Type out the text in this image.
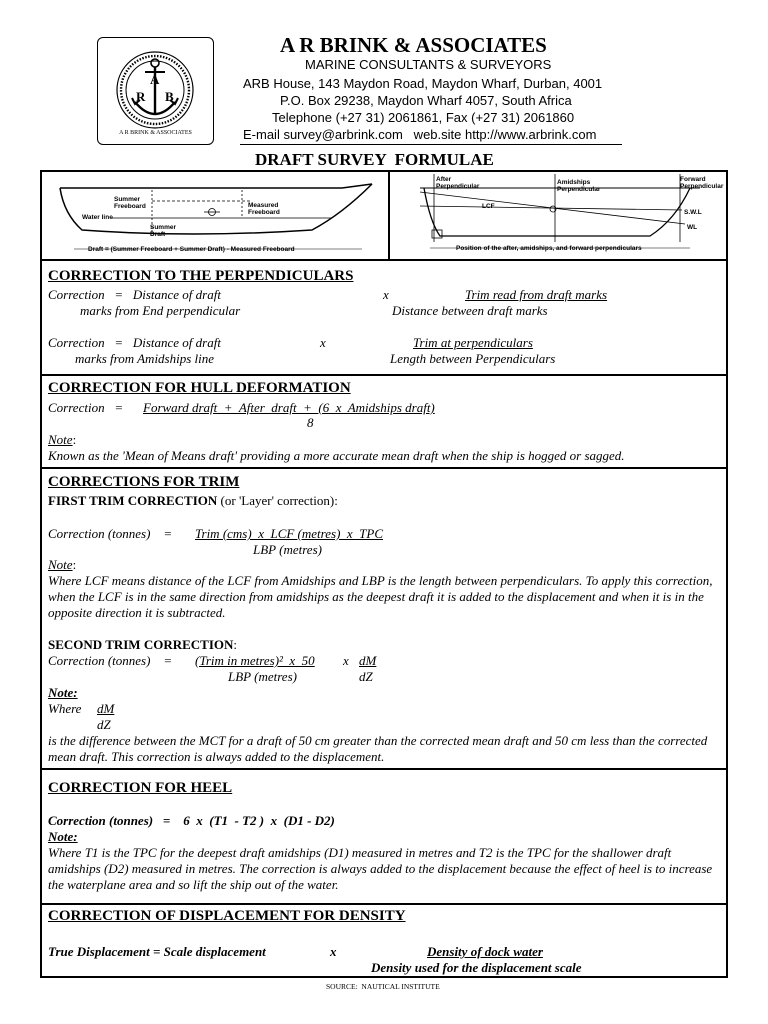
A
R B
A R BRINK & ASSOCIATES
A R BRINK & ASSOCIATES
MARINE CONSULTANTS & SURVEYORS
ARB House, 143 Maydon Road, Maydon Wharf, Durban, 4001
P.O. Box 29238, Maydon Wharf 4057, South Africa
Telephone (+27 31) 2061861, Fax (+27 31) 2061860
E-mail survey@arbrink.com   web.site http://www.arbrink.com
DRAFT SURVEY  FORMULAE
Summer
Freeboard	Measured
Freeboard
Water line
Summer
Draft
Draft = (Summer Freeboard + Summer Draft) - Measured Freeboard
After
Perpendicular
Amidships
Perpendicular
Forward
Perpendicular
LCF
S.W.L
WL
Position of the after, amidships, and forward perpendiculars
CORRECTION TO THE PERPENDICULARS
Correction   =   Distance of draft	x	Trim read from draft marks
marks from End perpendicular	Distance between draft marks
Correction   =   Distance of draft	x	Trim at perpendiculars
marks from Amidships line	Length between Perpendiculars
CORRECTION FOR HULL DEFORMATION
Correction   = Forward draft  +  After  draft  +  (6  x  Amidships draft)
8
Note:
Known as the 'Mean of Means draft' providing a more accurate mean draft when the ship is hogged or sagged.
CORRECTIONS FOR TRIM
FIRST TRIM CORRECTION (or 'Layer' correction):
Correction (tonnes)    = Trim (cms)  x  LCF (metres)  x  TPC
LBP (metres)
Note:
Where LCF means distance of the LCF from Amidships and LBP is the length between perpendiculars. To apply this correction, when the LCF is in the same direction from amidships as the deepest draft it is added to the displacement and when it is in the opposite direction it is subtracted.
SECOND TRIM CORRECTION:
Correction (tonnes)    = (Trim in metres)²  x  50 x dM
LBP (metres)	dZ
Note:
Where dM
dZ
is the difference between the MCT for a draft of 50 cm greater than the corrected mean draft and 50 cm less than the corrected mean draft. This correction is always added to the displacement.
CORRECTION FOR HEEL
Correction (tonnes)   =    6  x  (T1  - T2 )  x  (D1 - D2)
Note:
Where T1 is the TPC for the deepest draft amidships (D1) measured in metres and T2 is the TPC for the shallower draft amidships (D2) measured in metres. The correction is always added to the displacement because the effect of heel is to increase the waterplane area and so lift the ship out of the water.
CORRECTION OF DISPLACEMENT FOR DENSITY
True Displacement = Scale displacement	x	Density of dock water
Density used for the displacement scale
SOURCE:  NAUTICAL INSTITUTE
